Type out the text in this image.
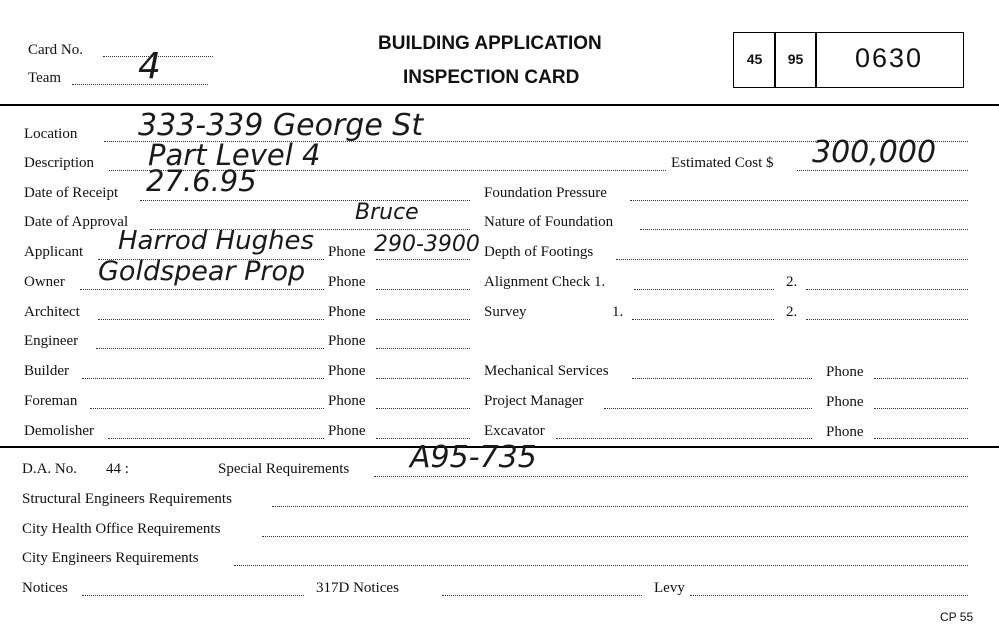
Card No.
Team 4
BUILDING APPLICATION
INSPECTION CARD
45	95	0630
Location 333-339 George St
Description Part Level 4	Estimated Cost $ 300,000
Date of Receipt 27.6.95	Foundation Pressure
Date of Approval	Bruce	Nature of Foundation
Applicant Harrod Hughes Phone 290-3900 Depth of Footings
Owner Goldspear Prop Phone	Alignment Check 1.	2.
Architect	Phone	Survey	1.	2.
Engineer	Phone
Builder	Phone	Mechanical Services	Phone
Foreman	Phone	Project Manager	Phone
Demolisher	Phone	Excavator	Phone
D.A. No. 44 :	Special Requirements A95-735
Structural Engineers Requirements
City Health Office Requirements
City Engineers Requirements
Notices	317D Notices	Levy
CP 55
